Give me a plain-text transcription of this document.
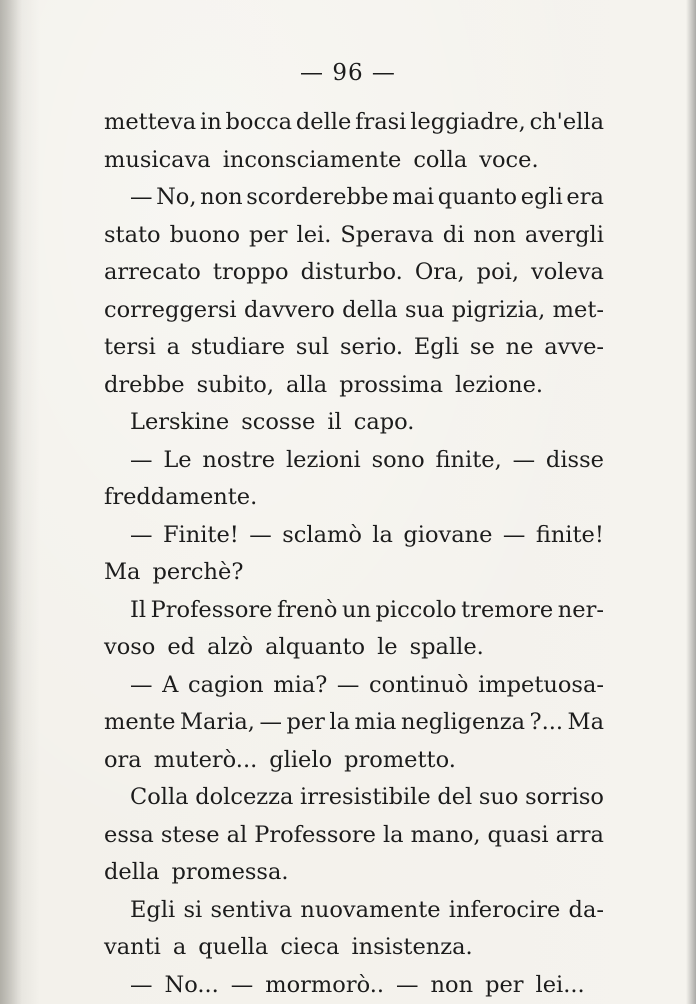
— 96 —
metteva in bocca delle frasi leggiadre, ch'ella
musicava inconsciamente colla voce.
— No, non scorderebbe mai quanto egli era
stato buono per lei. Sperava di non avergli
arrecato troppo disturbo. Ora, poi, voleva
correggersi davvero della sua pigrizia, met-
tersi a studiare sul serio. Egli se ne avve-
drebbe subito, alla prossima lezione.
Lerskine scosse il capo.
— Le nostre lezioni sono finite, — disse
freddamente.
— Finite! — sclamò la giovane — finite!
Ma perchè?
Il Professore frenò un piccolo tremore ner-
voso ed alzò alquanto le spalle.
— A cagion mia? — continuò impetuosa-
mente Maria, — per la mia negligenza ?... Ma
ora muterò... glielo prometto.
Colla dolcezza irresistibile del suo sorriso
essa stese al Professore la mano, quasi arra
della promessa.
Egli si sentiva nuovamente inferocire da-
vanti a quella cieca insistenza.
— No... — mormorò.. — non per lei...
